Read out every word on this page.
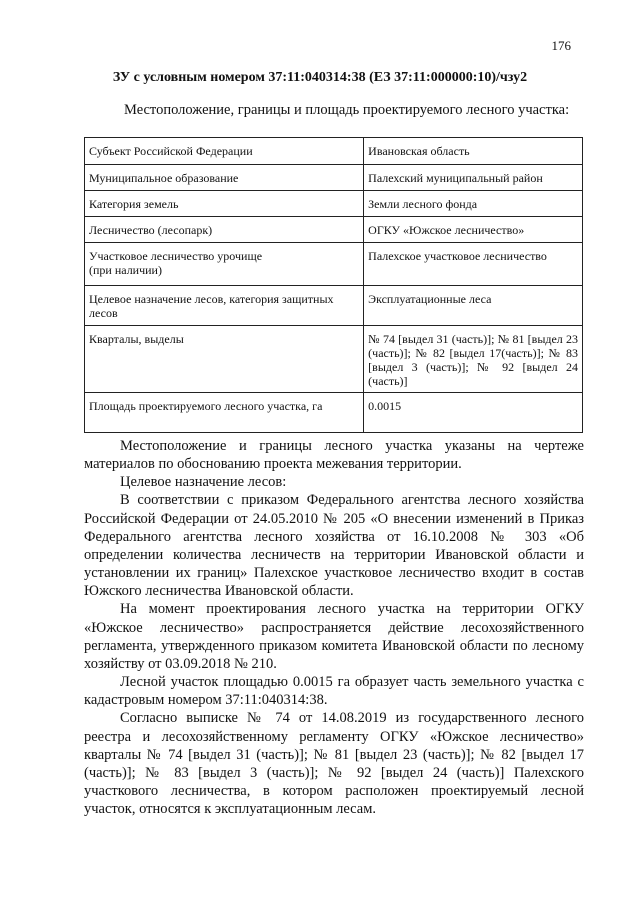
176
ЗУ с условным номером 37:11:040314:38 (ЕЗ 37:11:000000:10)/чзу2
Местоположение, границы и площадь проектируемого лесного участка:
Субъект Российской Федерации	Ивановская область
Муниципальное образование	Палехский муниципальный район
Категория земель	Земли лесного фонда
Лесничество (лесопарк)	ОГКУ «Южское лесничество»
Участковое лесничество урочище (при наличии)	Палехское участковое лесничество
Целевое назначение лесов, категория защитных лесов	Эксплуатационные леса
Кварталы, выделы	№ 74 [выдел 31 (часть)]; № 81 [выдел 23 (часть)]; № 82 [выдел 17(часть)]; № 83 [выдел 3 (часть)]; № 92 [выдел 24 (часть)]
Площадь проектируемого лесного участка, га	0.0015

Местоположение и границы лесного участка указаны на чертеже материалов по обоснованию проекта межевания территории.

Целевое назначение лесов:

В соответствии с приказом Федерального агентства лесного хозяйства Российской Федерации от 24.05.2010 № 205 «О внесении изменений в Приказ Федерального агентства лесного хозяйства от 16.10.2008 № 303 «Об определении количества лесничеств на территории Ивановской области и установлении их границ» Палехское участковое лесничество входит в состав Южского лесничества Ивановской области.

На момент проектирования лесного участка на территории ОГКУ «Южское лесничество» распространяется действие лесохозяйственного регламента, утвержденного приказом комитета Ивановской области по лесному хозяйству от 03.09.2018 № 210.

Лесной участок площадью 0.0015 га образует часть земельного участка с кадастровым номером 37:11:040314:38.

Согласно выписке № 74 от 14.08.2019 из государственного лесного реестра и лесохозяйственному регламенту ОГКУ «Южское лесничество» кварталы № 74 [выдел 31 (часть)]; № 81 [выдел 23 (часть)]; № 82 [выдел 17 (часть)]; № 83 [выдел 3 (часть)]; № 92 [выдел 24 (часть)] Палехского участкового лесничества, в котором расположен проектируемый лесной участок, относятся к эксплуатационным лесам.
